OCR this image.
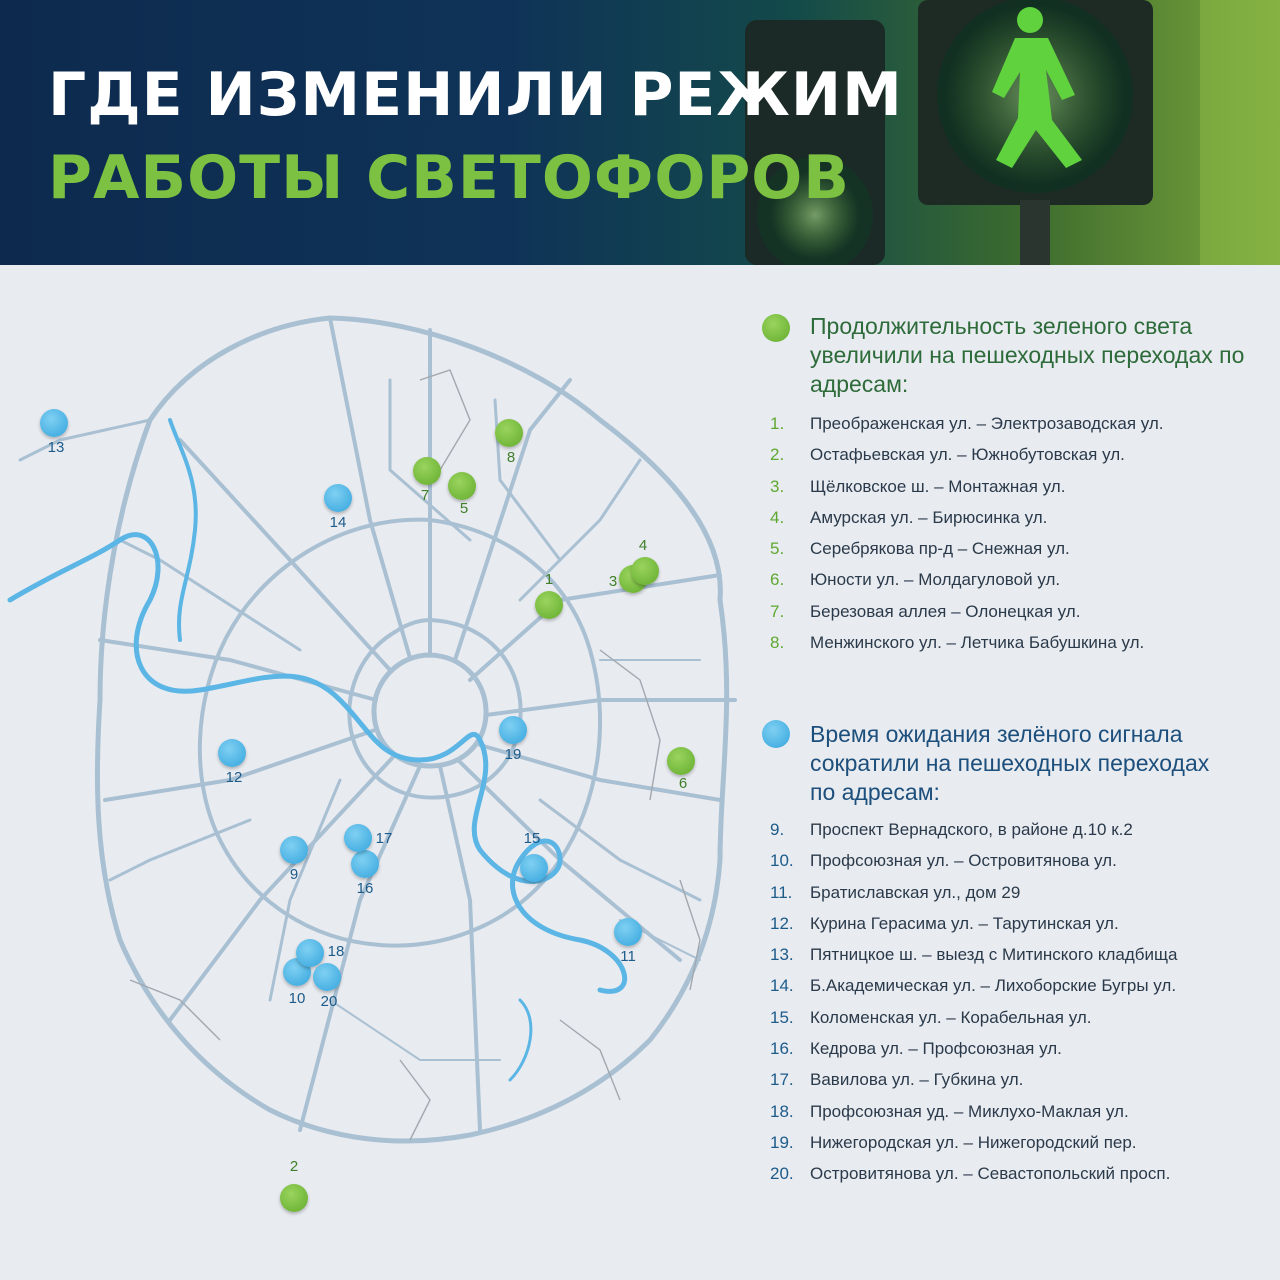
ГДЕ ИЗМЕНИЛИ РЕЖИМ
РАБОТЫ СВЕТОФОРОВ
1
2
3
4
5
6
7
8
9
10
11
12
13
14
15
16
17
18
19
20
Продолжительность зеленого света увеличили на пешеходных переходах по адресам:
1.	Преображенская ул. – Электрозаводская ул.
2.	Остафьевская ул. – Южнобутовская ул.
3.	Щёлковское ш. – Монтажная ул.
4.	Амурская ул. – Бирюсинка ул.
5.	Серебрякова пр-д – Снежная ул.
6.	Юности ул. – Молдагуловой ул.
7.	Березовая аллея – Олонецкая ул.
8.	Менжинского ул. – Летчика Бабушкина ул.
Время ожидания зелёного сигнала сократили на пешеходных переходах по адресам:
9.	Проспект Вернадского, в районе д.10 к.2
10. Профсоюзная ул. – Островитянова ул.
11.	Братиславская ул., дом 29
12. Курина Герасима ул. – Тарутинская ул.
13. Пятницкое ш. – выезд с Митинского кладбища
14. Б.Академическая ул. – Лихоборские Бугры ул.
15. Коломенская ул. – Корабельная ул.
16. Кедрова ул. – Профсоюзная ул.
17. Вавилова ул. – Губкина ул.
18. Профсоюзная уд. – Миклухо-Маклая ул.
19. Нижегородская ул. – Нижегородский пер.
20. Островитянова ул. – Севастопольский просп.
